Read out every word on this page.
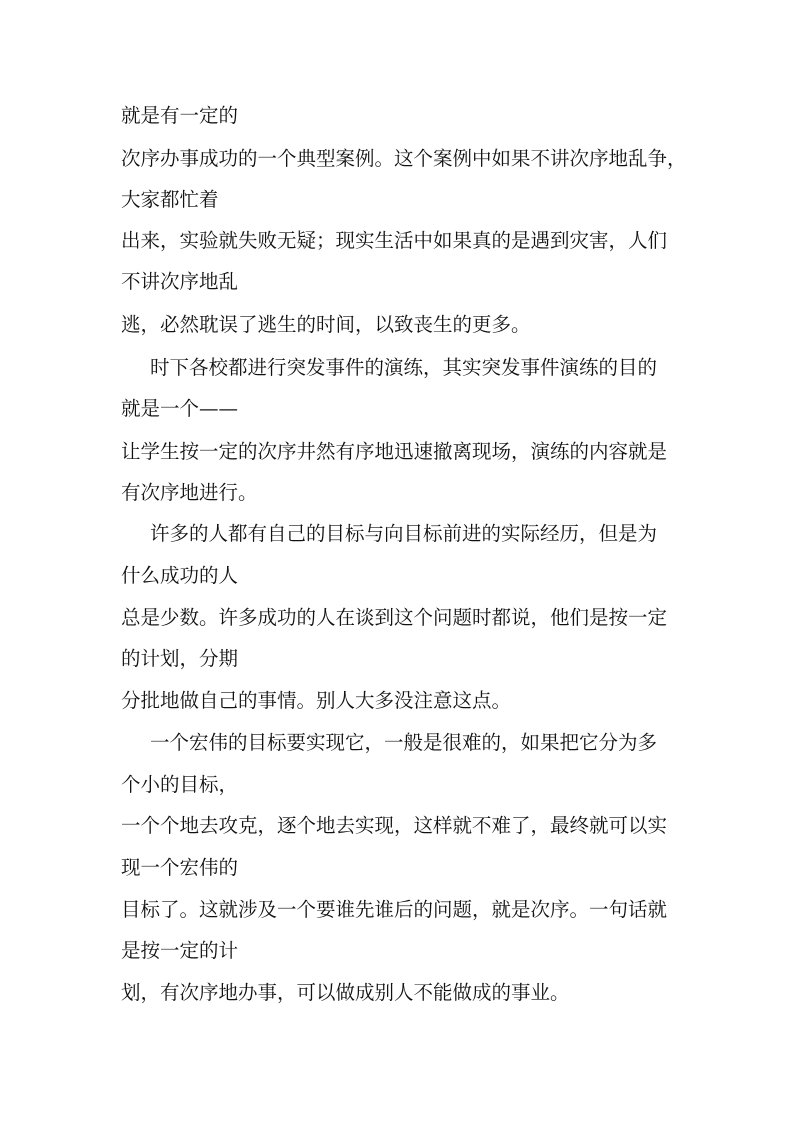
就是有一定的
次序办事成功的一个典型案例。这个案例中如果不讲次序地乱争，
大家都忙着
出来，实验就失败无疑；现实生活中如果真的是遇到灾害，人们
不讲次序地乱
逃，必然耽误了逃生的时间，以致丧生的更多。
时下各校都进行突发事件的演练，其实突发事件演练的目的
就是一个——
让学生按一定的次序井然有序地迅速撤离现场，演练的内容就是
有次序地进行。
许多的人都有自己的目标与向目标前进的实际经历，但是为
什么成功的人
总是少数。许多成功的人在谈到这个问题时都说，他们是按一定
的计划，分期
分批地做自己的事情。别人大多没注意这点。
一个宏伟的目标要实现它，一般是很难的，如果把它分为多
个小的目标，
一个个地去攻克，逐个地去实现，这样就不难了，最终就可以实
现一个宏伟的
目标了。这就涉及一个要谁先谁后的问题，就是次序。一句话就
是按一定的计
划，有次序地办事，可以做成别人不能做成的事业。
